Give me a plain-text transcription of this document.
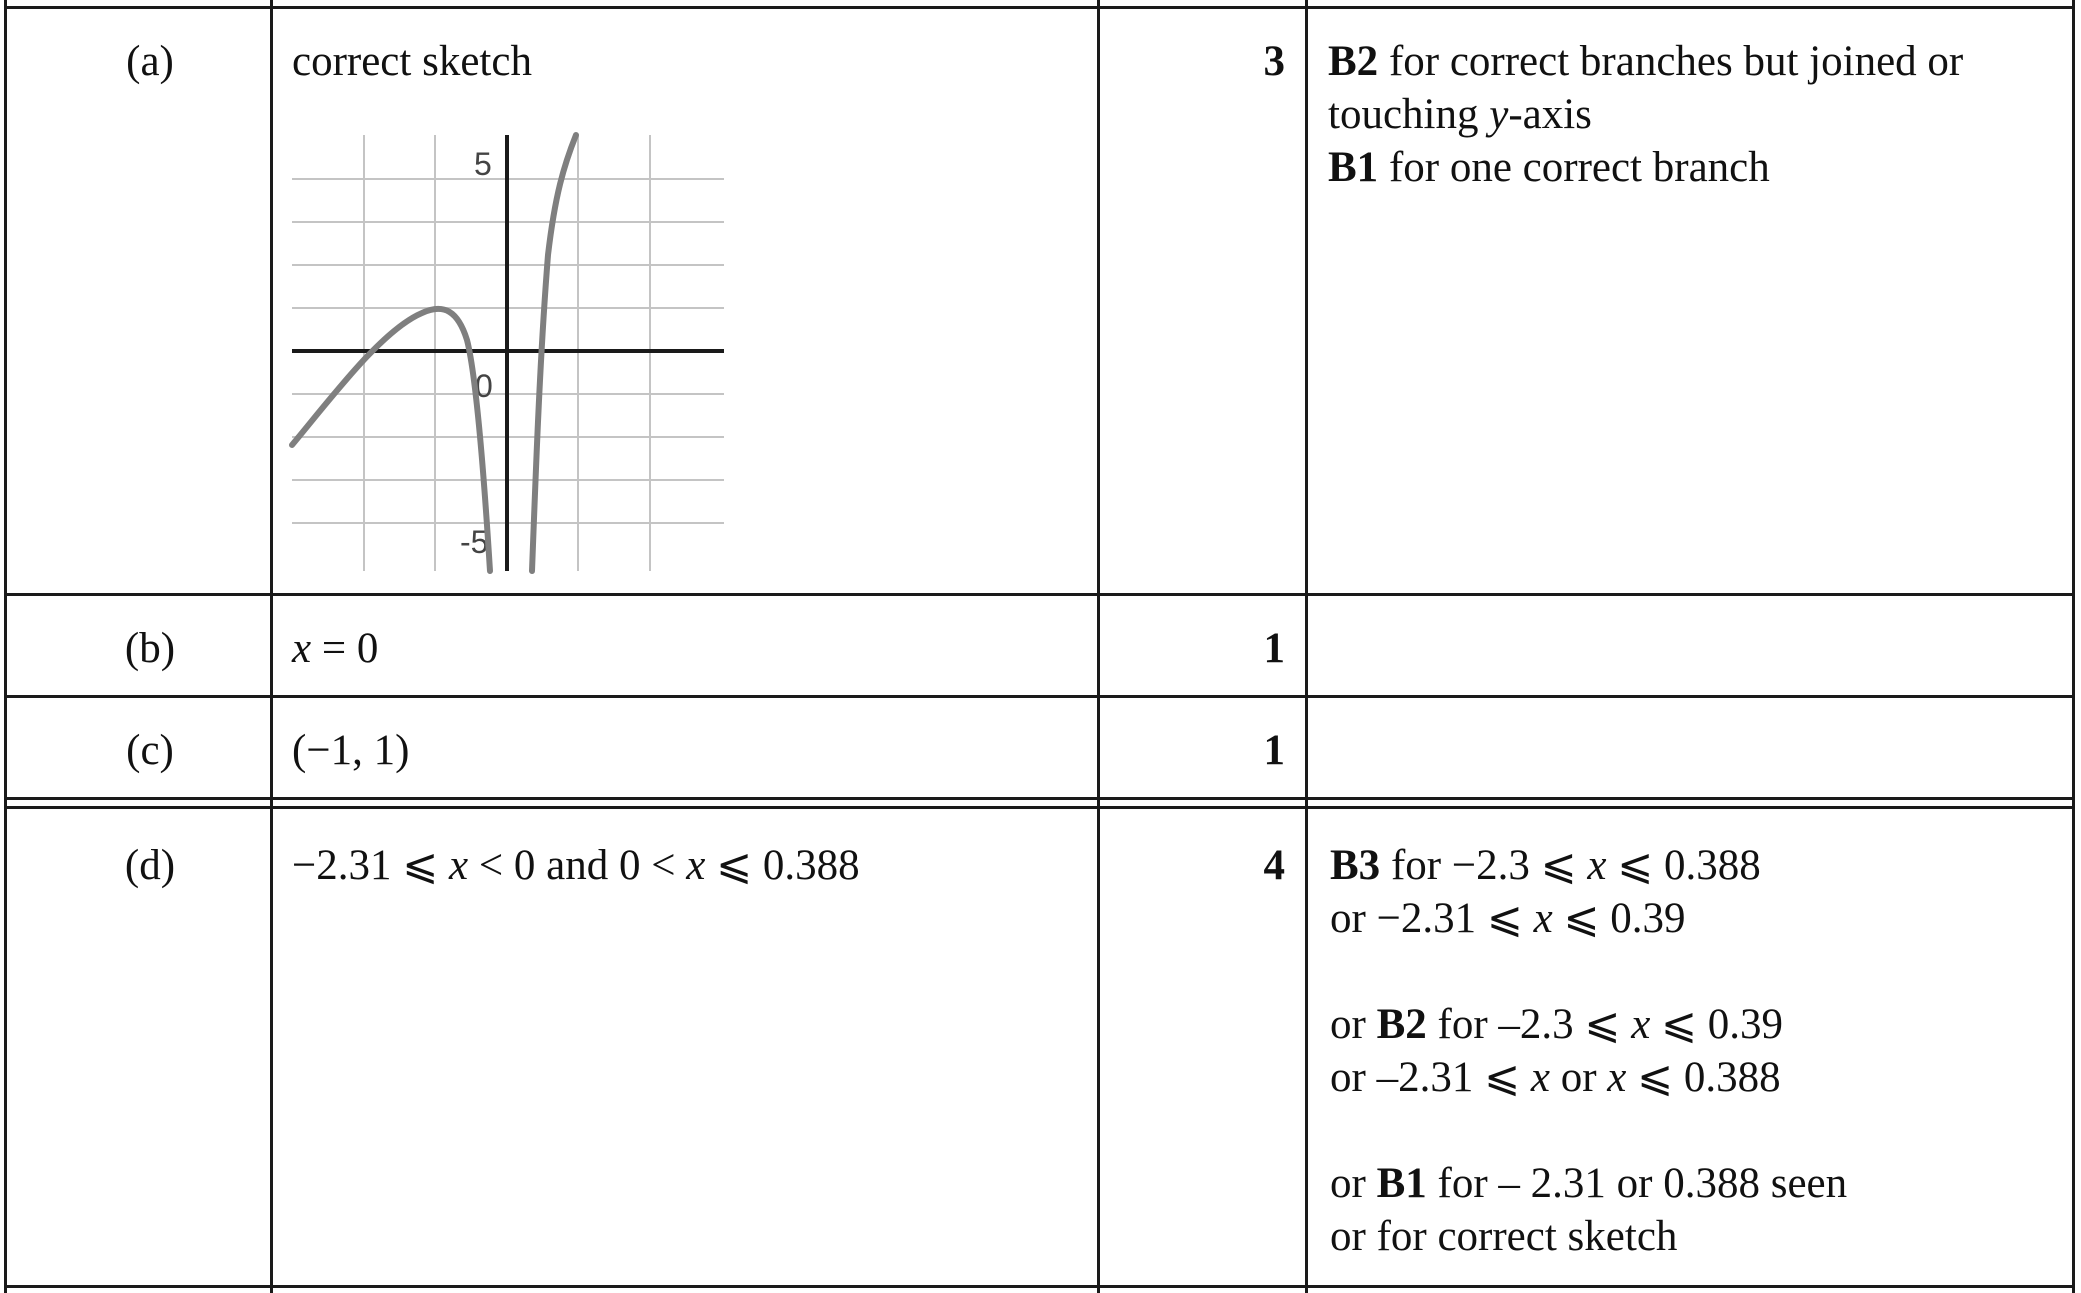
(a)	correct sketch	3 B2 for correct branches but joined or
touching y-axis
B1 for one correct branch
5
0
-5
(b)	x = 0	1
(c)	(−1, 1)	1
(d)	−2.31 ⩽ x < 0 and 0 < x ⩽ 0.388	4 B3 for −2.3 ⩽ x ⩽ 0.388
or −2.31 ⩽ x ⩽ 0.39
or B2 for –2.3 ⩽ x ⩽ 0.39
or –2.31 ⩽ x or x ⩽ 0.388
or B1 for – 2.31 or 0.388 seen
or for correct sketch
